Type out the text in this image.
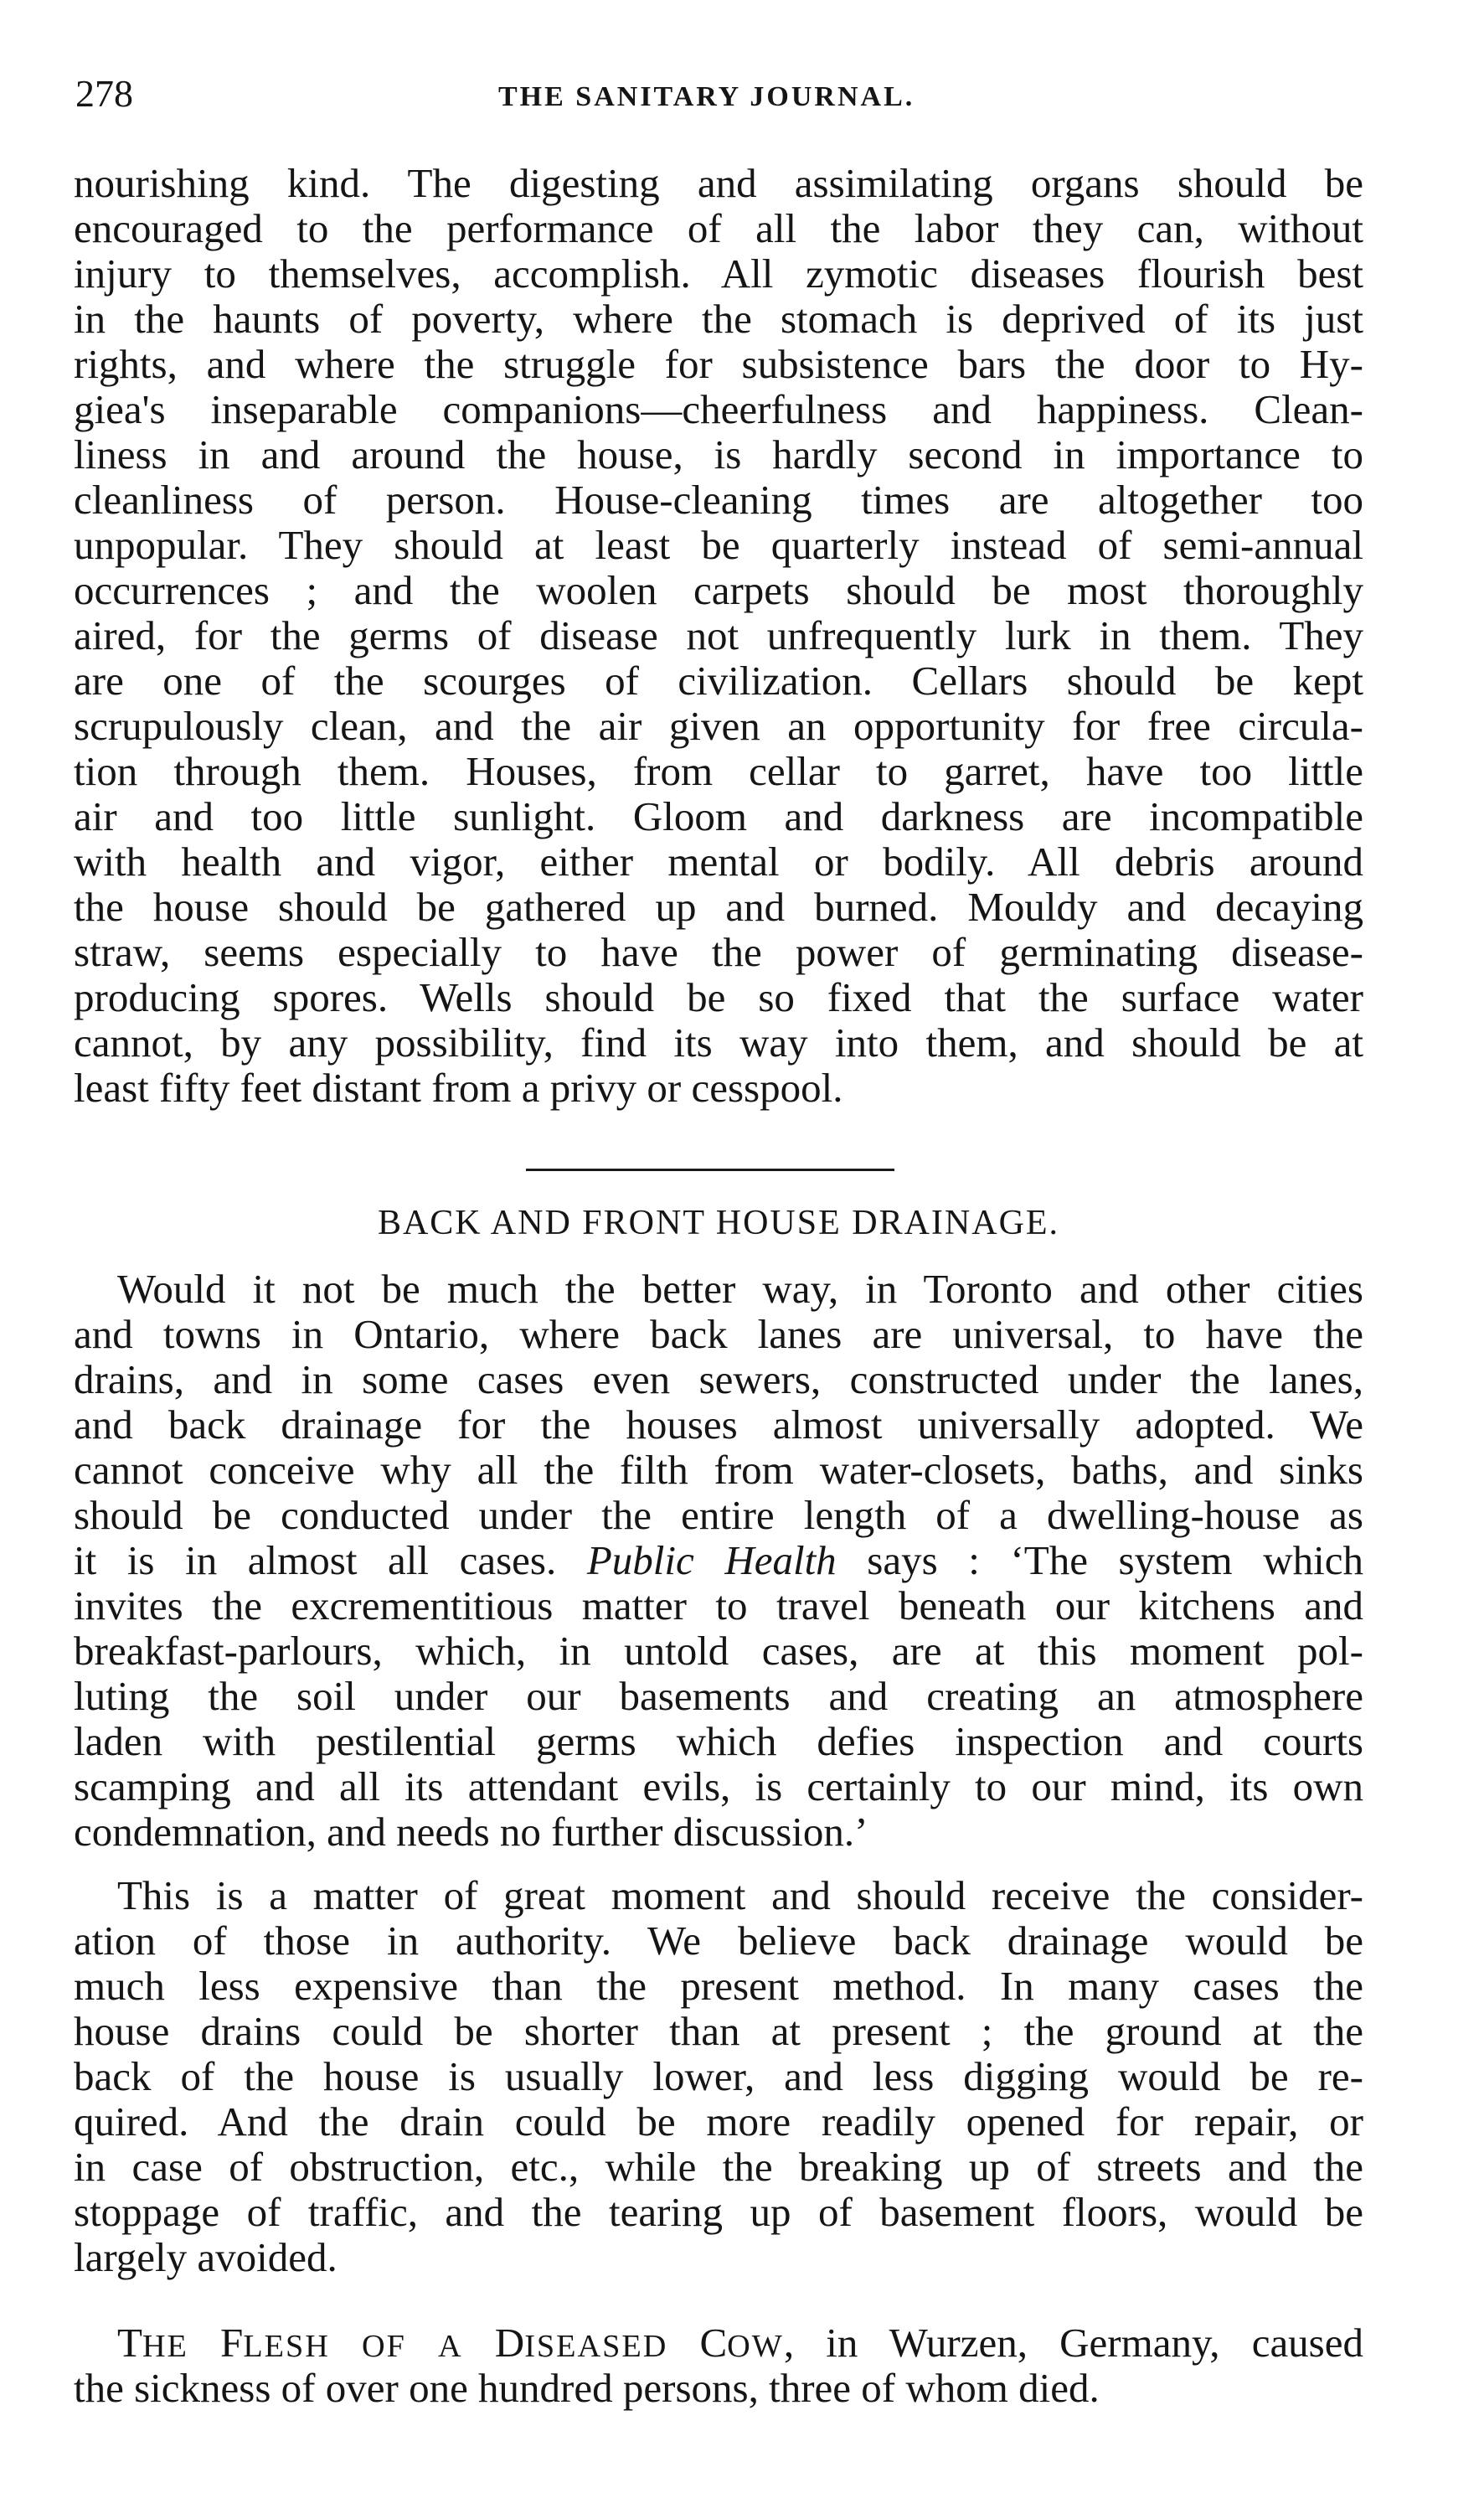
278	THE SANITARY JOURNAL.
nourishing kind. The digesting and assimilating organs should be
encouraged to the performance of all the labor they can, without
injury to themselves, accomplish. All zymotic diseases flourish best
in the haunts of poverty, where the stomach is deprived of its just
rights, and where the struggle for subsistence bars the door to Hy-
giea's inseparable companions—cheerfulness and happiness. Clean-
liness in and around the house, is hardly second in importance to
cleanliness of person. House-cleaning times are altogether too
unpopular. They should at least be quarterly instead of semi-annual
occurrences ; and the woolen carpets should be most thoroughly
aired, for the germs of disease not unfrequently lurk in them. They
are one of the scourges of civilization. Cellars should be kept
scrupulously clean, and the air given an opportunity for free circula-
tion through them. Houses, from cellar to garret, have too little
air and too little sunlight. Gloom and darkness are incompatible
with health and vigor, either mental or bodily. All debris around
the house should be gathered up and burned. Mouldy and decaying
straw, seems especially to have the power of germinating disease-
producing spores. Wells should be so fixed that the surface water
cannot, by any possibility, find its way into them, and should be at
least fifty feet distant from a privy or cesspool.
BACK AND FRONT HOUSE DRAINAGE.
Would it not be much the better way, in Toronto and other cities
and towns in Ontario, where back lanes are universal, to have the
drains, and in some cases even sewers, constructed under the lanes,
and back drainage for the houses almost universally adopted. We
cannot conceive why all the filth from water-closets, baths, and sinks
should be conducted under the entire length of a dwelling-house as
it is in almost all cases. Public Health says : ‘The system which
invites the excrementitious matter to travel beneath our kitchens and
breakfast-parlours, which, in untold cases, are at this moment pol-
luting the soil under our basements and creating an atmosphere
laden with pestilential germs which defies inspection and courts
scamping and all its attendant evils, is certainly to our mind, its own
condemnation, and needs no further discussion.’
This is a matter of great moment and should receive the consider-
ation of those in authority. We believe back drainage would be
much less expensive than the present method. In many cases the
house drains could be shorter than at present ; the ground at the
back of the house is usually lower, and less digging would be re-
quired. And the drain could be more readily opened for repair, or
in case of obstruction, etc., while the breaking up of streets and the
stoppage of traffic, and the tearing up of basement floors, would be
largely avoided.
THE FLESH OF A DISEASED COW, in Wurzen, Germany, caused
the sickness of over one hundred persons, three of whom died.
